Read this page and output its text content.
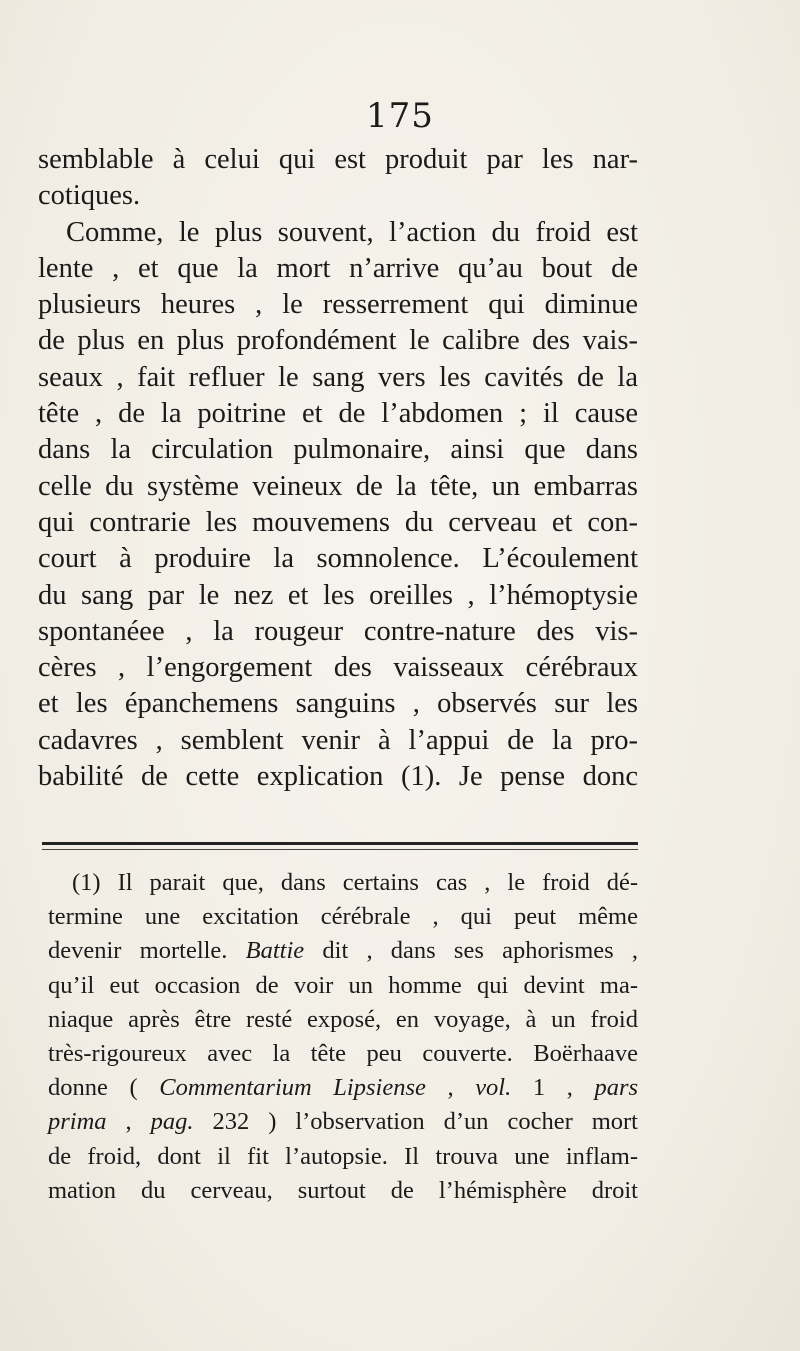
175
semblable à celui qui est produit par les nar-
cotiques.
Comme, le plus souvent, l’action du froid est
lente , et que la mort n’arrive qu’au bout de
plusieurs heures , le resserrement qui diminue
de plus en plus profondément le calibre des vais-
seaux , fait refluer le sang vers les cavités de la
tête , de la poitrine et de l’abdomen ; il cause
dans la circulation pulmonaire, ainsi que dans
celle du système veineux de la tête, un embarras
qui contrarie les mouvemens du cerveau et con-
court à produire la somnolence. L’écoulement
du sang par le nez et les oreilles , l’hémoptysie
spontanéee , la rougeur contre-nature des vis-
cères , l’engorgement des vaisseaux cérébraux
et les épanchemens sanguins , observés sur les
cadavres , semblent venir à l’appui de la pro-
babilité de cette explication (1). Je pense donc
(1) Il parait que, dans certains cas , le froid dé-
termine une excitation cérébrale , qui peut même
devenir mortelle. Battie dit , dans ses aphorismes ,
qu’il eut occasion de voir un homme qui devint ma-
niaque après être resté exposé, en voyage, à un froid
très-rigoureux avec la tête peu couverte. Boërhaave
donne ( Commentarium Lipsiense , vol. 1 , pars
prima , pag. 232 ) l’observation d’un cocher mort
de froid, dont il fit l’autopsie. Il trouva une inflam-
mation du cerveau, surtout de l’hémisphère droit
